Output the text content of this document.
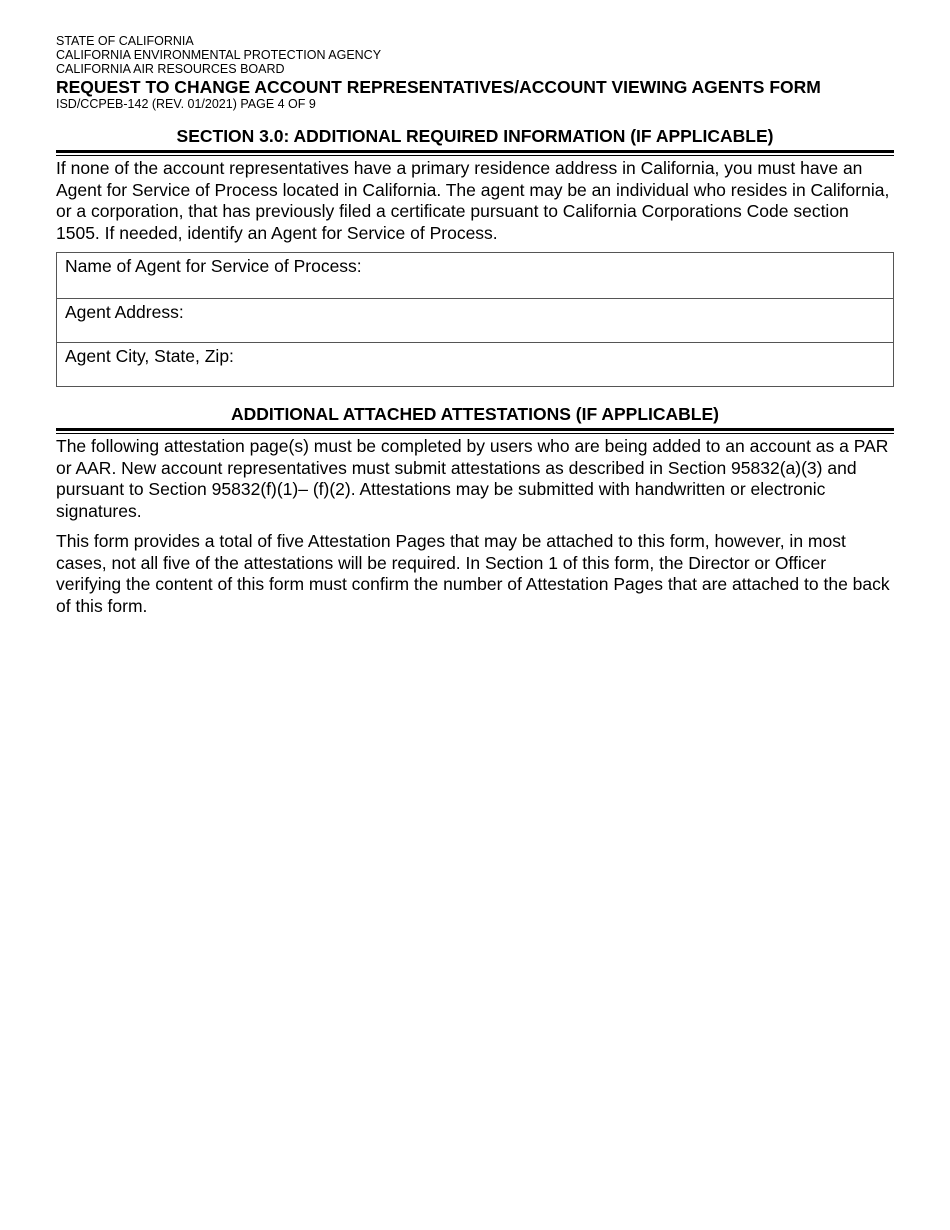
STATE OF CALIFORNIA

CALIFORNIA ENVIRONMENTAL PROTECTION AGENCY

CALIFORNIA AIR RESOURCES BOARD

REQUEST TO CHANGE ACCOUNT REPRESENTATIVES/ACCOUNT VIEWING AGENTS FORM

ISD/CCPEB-142 (REV. 01/2021) PAGE 4 OF 9

SECTION 3.0: ADDITIONAL REQUIRED INFORMATION (IF APPLICABLE)

If none of the account representatives have a primary residence address in California, you must have an Agent for Service of Process located in California. The agent may be an individual who resides in California, or a corporation, that has previously filed a certificate pursuant to California Corporations Code section 1505. If needed, identify an Agent for Service of Process.

Name of Agent for Service of Process:
Agent Address:
Agent City, State, Zip:
ADDITIONAL ATTACHED ATTESTATIONS (IF APPLICABLE)

The following attestation page(s) must be completed by users who are being added to an account as a PAR or AAR. New account representatives must submit attestations as described in Section 95832(a)(3) and pursuant to Section 95832(f)(1)– (f)(2). Attestations may be submitted with handwritten or electronic signatures.

This form provides a total of five Attestation Pages that may be attached to this form, however, in most cases, not all five of the attestations will be required. In Section 1 of this form, the Director or Officer verifying the content of this form must confirm the number of Attestation Pages that are attached to the back of this form.
